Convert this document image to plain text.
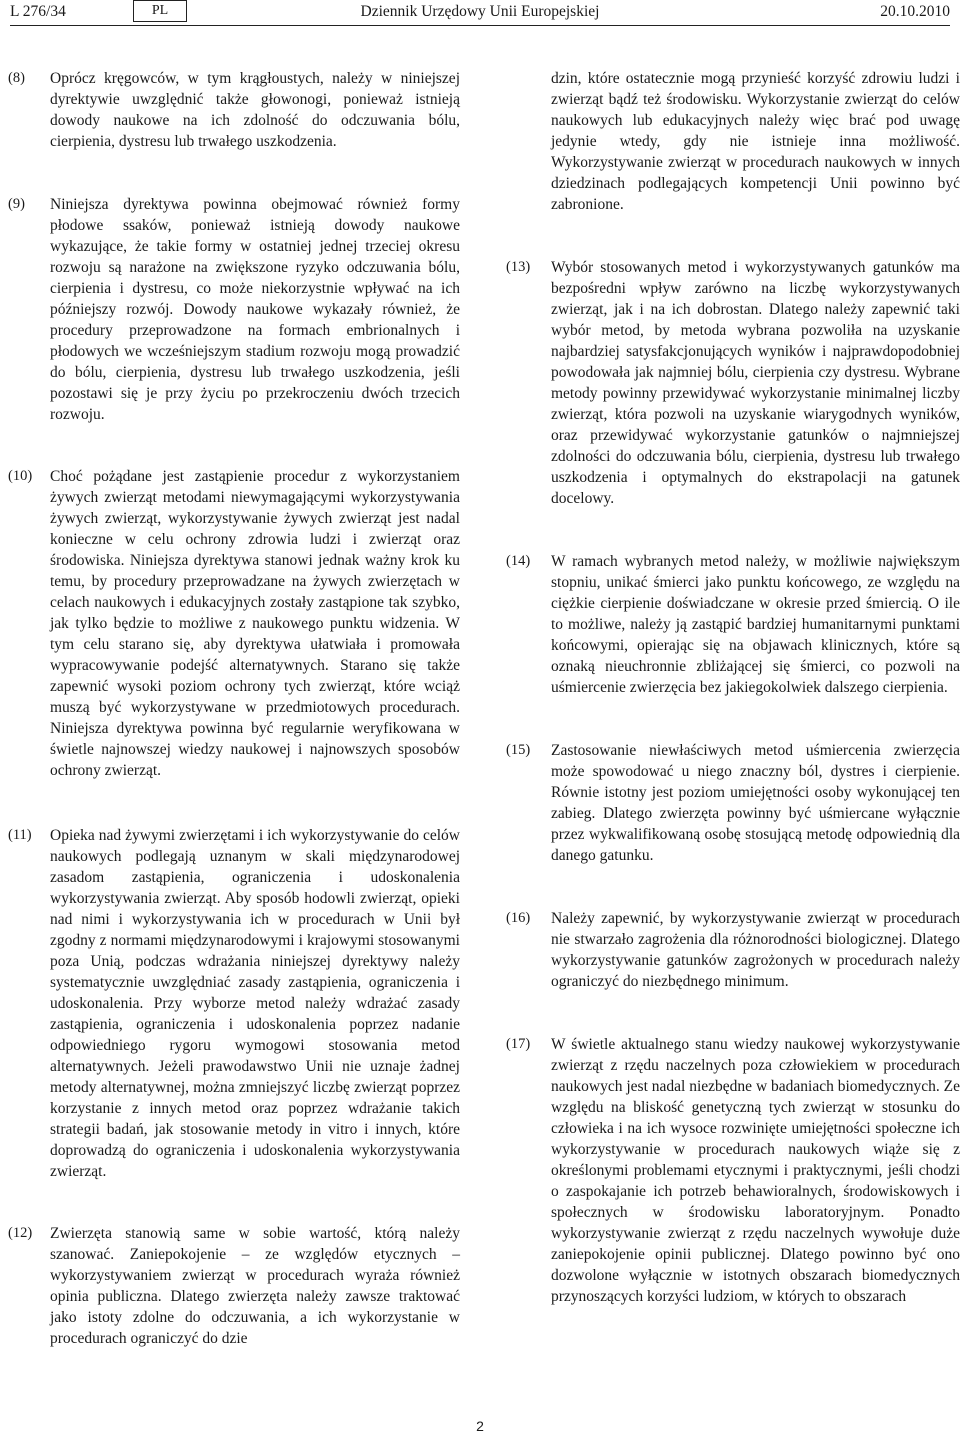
L 276/34	PL	Dziennik Urzędowy Unii Europejskiej	20.10.2010
(8)	Oprócz kręgowców, w tym krągłoustych, należy w niniejszej dyrektywie uwzględnić także głowonogi, ponieważ istnieją dowody naukowe na ich zdolność do odczuwania bólu, cierpienia, dystresu lub trwałego uszkodzenia.
(9)	Niniejsza dyrektywa powinna obejmować również formy płodowe ssaków, ponieważ istnieją dowody naukowe wykazujące, że takie formy w ostatniej jednej trzeciej okresu rozwoju są narażone na zwiększone ryzyko odczuwania bólu, cierpienia i dystresu, co może niekorzystnie wpływać na ich późniejszy rozwój. Dowody naukowe wykazały również, że procedury przeprowadzone na formach embrionalnych i płodowych we wcześniejszym stadium rozwoju mogą prowadzić do bólu, cierpienia, dystresu lub trwałego uszkodzenia, jeśli pozostawi się je przy życiu po przekroczeniu dwóch trzecich rozwoju.
(10)	Choć pożądane jest zastąpienie procedur z wykorzystaniem żywych zwierząt metodami niewymagającymi wykorzystywania żywych zwierząt, wykorzystywanie żywych zwierząt jest nadal konieczne w celu ochrony zdrowia ludzi i zwierząt oraz środowiska. Niniejsza dyrektywa stanowi jednak ważny krok ku temu, by procedury przeprowadzane na żywych zwierzętach w celach naukowych i edukacyjnych zostały zastąpione tak szybko, jak tylko będzie to możliwe z naukowego punktu widzenia. W tym celu starano się, aby dyrektywa ułatwiała i promowała wypracowywanie podejść alternatywnych. Starano się także zapewnić wysoki poziom ochrony tych zwierząt, które wciąż muszą być wykorzystywane w przedmiotowych procedurach. Niniejsza dyrektywa powinna być regularnie weryfikowana w świetle najnowszej wiedzy naukowej i najnowszych sposobów ochrony zwierząt.
(11)	Opieka nad żywymi zwierzętami i ich wykorzystywanie do celów naukowych podlegają uznanym w skali międzynarodowej zasadom zastąpienia, ograniczenia i udoskonalenia wykorzystywania zwierząt. Aby sposób hodowli zwierząt, opieki nad nimi i wykorzystywania ich w procedurach w Unii był zgodny z normami międzynarodowymi i krajowymi stosowanymi poza Unią, podczas wdrażania niniejszej dyrektywy należy systematycznie uwzględniać zasady zastąpienia, ograniczenia i udoskonalenia. Przy wyborze metod należy wdrażać zasady zastąpienia, ograniczenia i udoskonalenia poprzez nadanie odpowiedniego rygoru wymogowi stosowania metod alternatywnych. Jeżeli prawodawstwo Unii nie uznaje żadnej metody alternatywnej, można zmniejszyć liczbę zwierząt poprzez korzystanie z innych metod oraz poprzez wdrażanie takich strategii badań, jak stosowanie metody in vitro i innych, które doprowadzą do ograniczenia i udoskonalenia wykorzystywania zwierząt.
(12)	Zwierzęta stanowią same w sobie wartość, którą należy szanować. Zaniepokojenie – ze względów etycznych – wykorzystywaniem zwierząt w procedurach wyraża również opinia publiczna. Dlatego zwierzęta należy zawsze traktować jako istoty zdolne do odczuwania, a ich wykorzystanie w procedurach ograniczyć do dzie
dzin, które ostatecznie mogą przynieść korzyść zdrowiu ludzi i zwierząt bądź też środowisku. Wykorzystanie zwierząt do celów naukowych lub edukacyjnych należy więc brać pod uwagę jedynie wtedy, gdy nie istnieje inna możliwość. Wykorzystywanie zwierząt w procedurach naukowych w innych dziedzinach podlegających kompetencji Unii powinno być zabronione.
(13)	Wybór stosowanych metod i wykorzystywanych gatunków ma bezpośredni wpływ zarówno na liczbę wykorzystywanych zwierząt, jak i na ich dobrostan. Dlatego należy zapewnić taki wybór metod, by metoda wybrana pozwoliła na uzyskanie najbardziej satysfakcjonujących wyników i najprawdopodobniej powodowała jak najmniej bólu, cierpienia czy dystresu. Wybrane metody powinny przewidywać wykorzystanie minimalnej liczby zwierząt, która pozwoli na uzyskanie wiarygodnych wyników, oraz przewidywać wykorzystanie gatunków o najmniejszej zdolności do odczuwania bólu, cierpienia, dystresu lub trwałego uszkodzenia i optymalnych do ekstrapolacji na gatunek docelowy.
(14)	W ramach wybranych metod należy, w możliwie największym stopniu, unikać śmierci jako punktu końcowego, ze względu na ciężkie cierpienie doświadczane w okresie przed śmiercią. O ile to możliwe, należy ją zastąpić bardziej humanitarnymi punktami końcowymi, opierając się na objawach klinicznych, które są oznaką nieuchronnie zbliżającej się śmierci, co pozwoli na uśmiercenie zwierzęcia bez jakiegokolwiek dalszego cierpienia.
(15)	Zastosowanie niewłaściwych metod uśmiercenia zwierzęcia może spowodować u niego znaczny ból, dystres i cierpienie. Równie istotny jest poziom umiejętności osoby wykonującej ten zabieg. Dlatego zwierzęta powinny być uśmiercane wyłącznie przez wykwalifikowaną osobę stosującą metodę odpowiednią dla danego gatunku.
(16)	Należy zapewnić, by wykorzystywanie zwierząt w procedurach nie stwarzało zagrożenia dla różnorodności biologicznej. Dlatego wykorzystywanie gatunków zagrożonych w procedurach należy ograniczyć do niezbędnego minimum.
(17)	W świetle aktualnego stanu wiedzy naukowej wykorzystywanie zwierząt z rzędu naczelnych poza człowiekiem w procedurach naukowych jest nadal niezbędne w badaniach biomedycznych. Ze względu na bliskość genetyczną tych zwierząt w stosunku do człowieka i na ich wysoce rozwinięte umiejętności społeczne ich wykorzystywanie w procedurach naukowych wiąże się z określonymi problemami etycznymi i praktycznymi, jeśli chodzi o zaspokajanie ich potrzeb behawioralnych, środowiskowych i społecznych w środowisku laboratoryjnym. Ponadto wykorzystywanie zwierząt z rzędu naczelnych wywołuje duże zaniepokojenie opinii publicznej. Dlatego powinno być ono dozwolone wyłącznie w istotnych obszarach biomedycznych przynoszących korzyści ludziom, w których to obszarach
2
